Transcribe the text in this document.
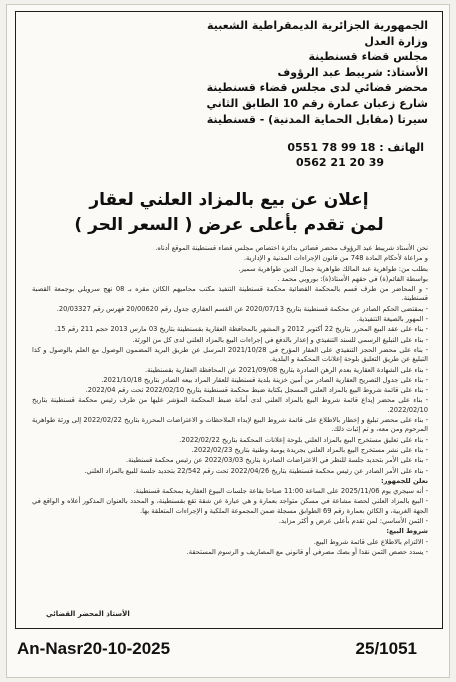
الجمهورية الجزائرية الديمقراطية الشعبية
وزارة العدل
مجلس قضاء قسنطينة
الأستاذ: شريبط عبد الرؤوف
محضر قضائي لدى مجلس قضاء قسنطينة
شارع زعبان عمارة رقم 10 الطابق الثاني
سيرتا (مقابل الحماية المدنية) - قسنطينة
الهاتف : 0551 78 99 18
0562 21 20 39
إعلان عن بيع بالمزاد العلني لعقار
لمن تقدم بأعلى عرض ( السعر الحر )

نحن الأستاذ شريبط عبد الرؤوف محضر قضائي بدائرة اختصاص مجلس قضاء قسنطينة الموقع أدناه.

و مراعاة لأحكام المادة 748 من قانون الإجراءات المدنية و الإدارية.

بطلب من: طواهرية عبد المالك طواهرية جمال الدين طواهرية سمير.

بواسطة القائم(ة) في حقهم الأستاذ(ة): بوروبي محمد .

- و المحاضر من طرف قسم بالمحكمة القضائية محكمة قسنطينة التنفيذ مكتب محاميهم الكائن مقره بـ 08 نهج سرويلي بوجمعة القصبة قسنطينة.

- بمقتضى الحكم الصادر عن محكمة قسنطينة بتاريخ 2020/07/13 عن القسم العقاري جدول رقم 20/00620 فهرس رقم 20/03327.

- المهور بالصيغة التنفيذية.

- بناء على عقد البيع المحرر بتاريخ 22 أكتوبر 2012 و المشهر بالمحافظة العقارية بقسنطينة بتاريخ 03 مارس 2013 حجم 211 رقم 15.

- بناء على التبليغ الرسمي للسند التنفيذي و إعذار بالدفع في إجراءات البيع بالمزاد العلني لدى كل من الورثة.

- بناء على محضر الحجز التنفيذي على العقار المؤرخ في 2021/10/28 المرسل عن طريق البريد المضمون الوصول مع العلم بالوصول و كذا التبليغ عن طريق التعليق بلوحة إعلانات المحكمة و البلدية.

- بناء على الشهادة العقارية بعدم الرهن الصادرة بتاريخ 2021/09/08 عن المحافظة العقارية بقسنطينة.

- بناء على جدول التصريح العقارية الصادر من أمين خزينة بلدية قسنطينة للعقار المراد بيعه الصادر بتاريخ 2021/10/18.

- بناء على قائمة شروط البيع بالمزاد العلني المسجل بكتابة ضبط محكمة قسنطينة بتاريخ 2022/02/10 تحت رقم 2022/04.

- بناء على محضر إيداع قائمة شروط البيع بالمزاد العلني لدى أمانة ضبط المحكمة المؤشر عليها من طرف رئيس محكمة قسنطينة بتاريخ 2022/02/10.

- بناء على محضر تبليغ و إخطار بالاطلاع على قائمة شروط البيع لإبداء الملاحظات و الاعتراضات المحررة بتاريخ 2022/02/22 إلى ورثة طواهرية المرحوم ومن معه، و تم إثبات ذلك.

- بناء على تعليق مستخرج البيع بالمزاد العلني بلوحة إعلانات المحكمة بتاريخ 2022/02/22.

- بناء على نشر مستخرج البيع بالمزاد العلني بجريدة يومية وطنية بتاريخ 2022/02/23.

- بناء على الأمر بتحديد جلسة للنظر في الاعتراضات الصادرة بتاريخ 2022/03/03 عن رئيس محكمة قسنطينة.

- بناء على الأمر الصادر عن رئيس محكمة قسنطينة بتاريخ 2022/04/26 تحت رقم 22/542 بتحديد جلسة للبيع بالمزاد العلني.

نعلن للجمهور:

- أنه سيجري يوم 2025/11/06 على الساعة 11:00 صباحا بقاعة جلسات البيوع العقارية بمحكمة قسنطينة.

- البيع بالمزاد العلني لحصة مشاعة في مسكن متواجد بعمارة و هي عبارة عن شقة تقع بقسنطينة، و المحدد بالعنوان المذكور أعلاه و الواقع في الجهة الغربية، و الكائن بعمارة رقم 69 الطوابق مسجلة ضمن المجموعة الملكية و الإجراءات المتعلقة بها.

- الثمن الأساسي: لمن تقدم بأعلى عرض و أكثر مزايد.

شروط البيع:

- الالتزام بالاطلاع على قائمة شروط البيع.

- يسدد حصص الثمن نقدا أو بصك مصرفي أو قانوني مع المصاريف و الرسوم المستحقة.

الأستاذ المحضر القضائي
An-Nasr20-10-2025	25/1051
